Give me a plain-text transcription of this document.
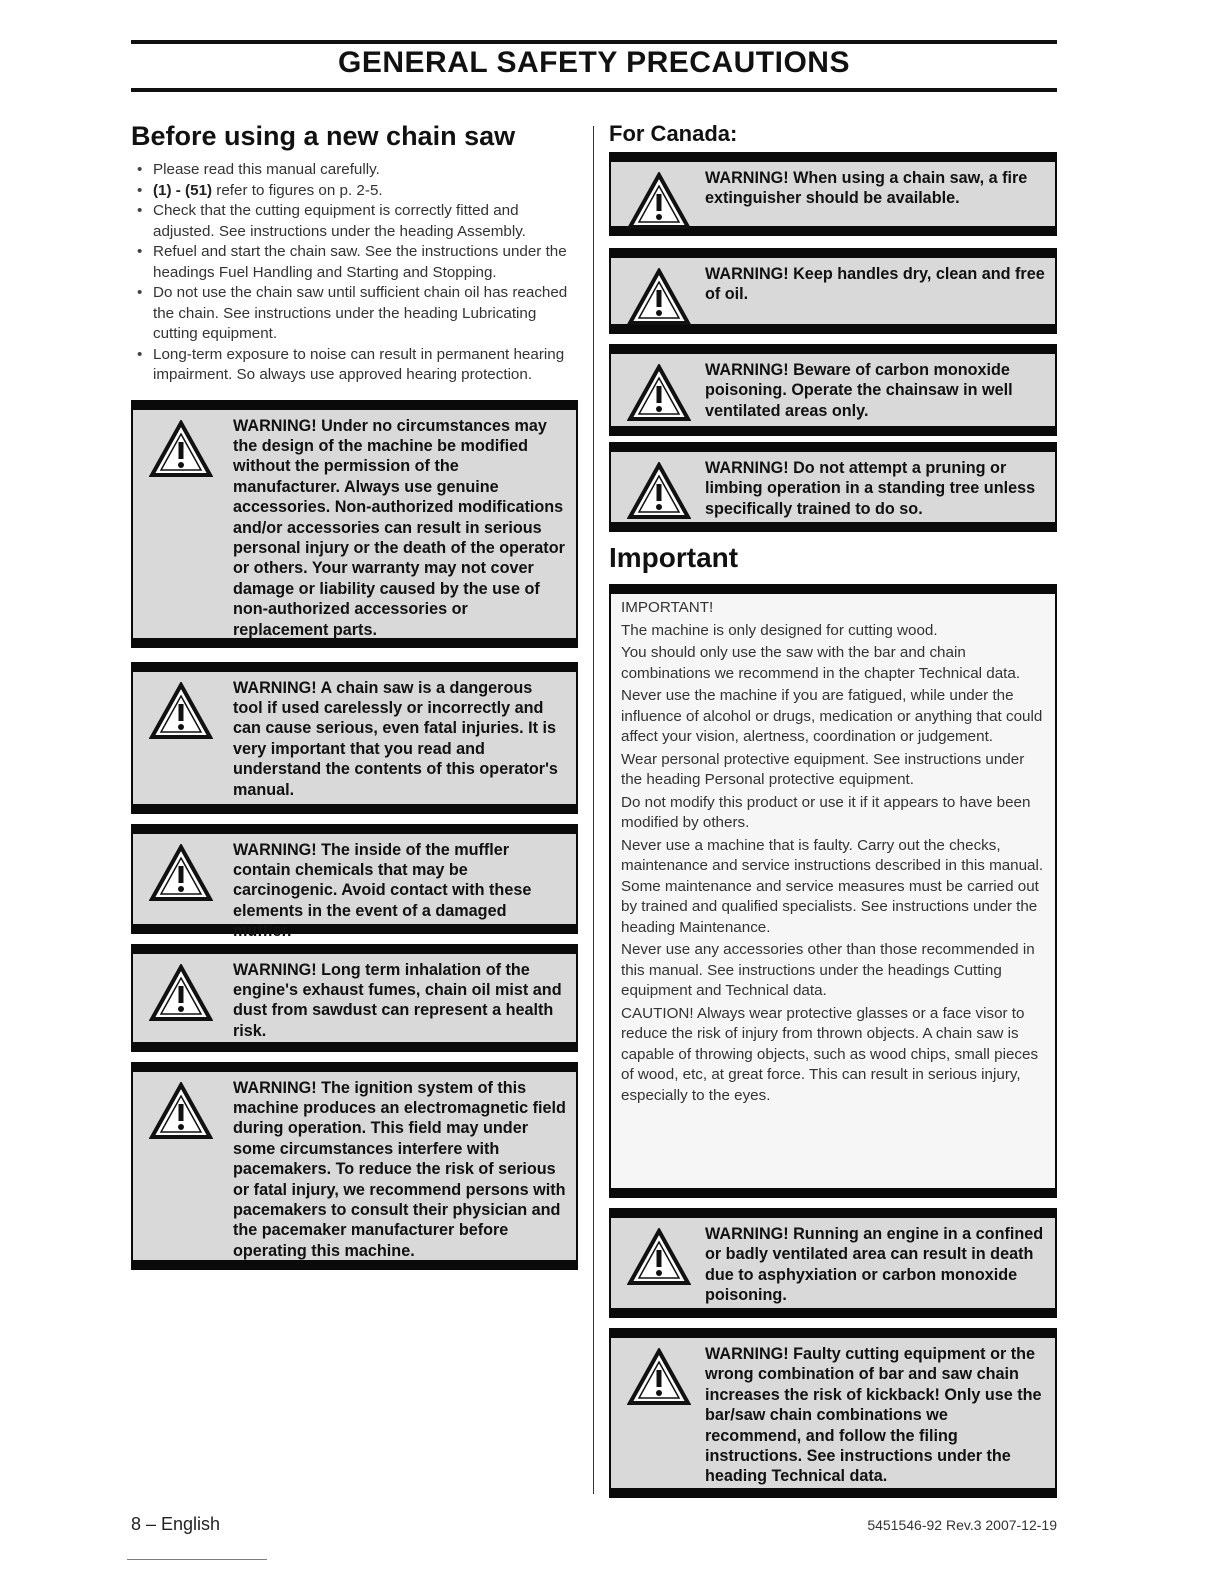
GENERAL SAFETY PRECAUTIONS
Before using a new chain saw
• Please read this manual carefully.
• (1) - (51) refer to figures on p. 2-5.
• Check that the cutting equipment is correctly fitted and adjusted. See instructions under the heading Assembly.
• Refuel and start the chain saw. See the instructions under the headings Fuel Handling and Starting and Stopping.
• Do not use the chain saw until sufficient chain oil has reached the chain. See instructions under the heading Lubricating cutting equipment.
• Long-term exposure to noise can result in permanent hearing impairment. So always use approved hearing protection.
WARNING! Under no circumstances may the design of the machine be modified without the permission of the manufacturer. Always use genuine accessories. Non-authorized modifications and/or accessories can result in serious personal injury or the death of the operator or others. Your warranty may not cover damage or liability caused by the use of non-authorized accessories or replacement parts.
WARNING! A chain saw is a dangerous tool if used carelessly or incorrectly and can cause serious, even fatal injuries. It is very important that you read and understand the contents of this operator's manual.
WARNING! The inside of the muffler contain chemicals that may be carcinogenic. Avoid contact with these elements in the event of a damaged muffler.
WARNING! Long term inhalation of the engine's exhaust fumes, chain oil mist and dust from sawdust can represent a health risk.
WARNING! The ignition system of this machine produces an electromagnetic field during operation. This field may under some circumstances interfere with pacemakers. To reduce the risk of serious or fatal injury, we recommend persons with pacemakers to consult their physician and the pacemaker manufacturer before operating this machine.
For Canada:
WARNING! When using a chain saw, a fire extinguisher should be available.
WARNING! Keep handles dry, clean and free of oil.
WARNING! Beware of carbon monoxide poisoning. Operate the chainsaw in well ventilated areas only.
WARNING! Do not attempt a pruning or limbing operation in a standing tree unless specifically trained to do so.
Important

IMPORTANT!

The machine is only designed for cutting wood.

You should only use the saw with the bar and chain combinations we recommend in the chapter Technical data.

Never use the machine if you are fatigued, while under the influence of alcohol or drugs, medication or anything that could affect your vision, alertness, coordination or judgement.

Wear personal protective equipment. See instructions under the heading Personal protective equipment.

Do not modify this product or use it if it appears to have been modified by others.

Never use a machine that is faulty. Carry out the checks, maintenance and service instructions described in this manual. Some maintenance and service measures must be carried out by trained and qualified specialists. See instructions under the heading Maintenance.

Never use any accessories other than those recommended in this manual. See instructions under the headings Cutting equipment and Technical data.

CAUTION! Always wear protective glasses or a face visor to reduce the risk of injury from thrown objects. A chain saw is capable of throwing objects, such as wood chips, small pieces of wood, etc, at great force. This can result in serious injury, especially to the eyes.

WARNING! Running an engine in a confined or badly ventilated area can result in death due to asphyxiation or carbon monoxide poisoning.
WARNING! Faulty cutting equipment or the wrong combination of bar and saw chain increases the risk of kickback! Only use the bar/saw chain combinations we recommend, and follow the filing instructions. See instructions under the heading Technical data.
8 – English	5451546-92 Rev.3 2007-12-19
